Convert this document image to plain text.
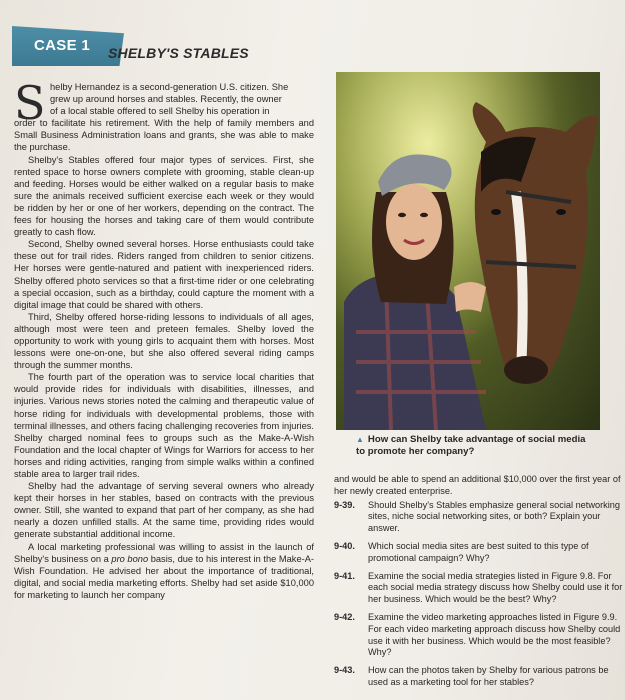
CASE 1 SHELBY'S STABLES
S helby Hernandez is a second-generation U.S. citizen. She
grew up around horses and stables. Recently, the owner
of a local stable offered to sell Shelby his operation in
order to facilitate his retirement. With the help of family members and Small Business Administration loans and grants, she was able to make the purchase.

Shelby's Stables offered four major types of services. First, she rented space to horse owners complete with grooming, stable clean-up and feeding. Horses would be either walked on a regular basis to make sure the animals received sufficient exercise each week or they would be ridden by her or one of her workers, depending on the contract. The fees for housing the horses and taking care of them would contribute greatly to cash flow.

Second, Shelby owned several horses. Horse enthusiasts could take these out for trail rides. Riders ranged from children to senior citizens. Her horses were gentle-natured and patient with inexperienced riders. Shelby offered photo services so that a first-time rider or one celebrating a special occasion, such as a birthday, could capture the moment with a digital image that could be shared with others.

Third, Shelby offered horse-riding lessons to individuals of all ages, although most were teen and preteen females. Shelby loved the opportunity to work with young girls to acquaint them with horses. Most lessons were one-on-one, but she also offered several riding camps through the summer months.

The fourth part of the operation was to service local charities that would provide rides for individuals with disabilities, illnesses, and injuries. Various news stories noted the calming and therapeutic value of horse riding for individuals with developmental problems, those with terminal illnesses, and others facing challenging recoveries from injuries. Shelby charged nominal fees to groups such as the Make-A-Wish Foundation and the local chapter of Wings for Warriors for access to her horses and riding activities, ranging from simple walks within a confined stable area to larger trail rides.

Shelby had the advantage of serving several owners who already kept their horses in her stables, based on contracts with the previous owner. Still, she wanted to expand that part of her company, as she had nearly a dozen unfilled stalls. At the same time, providing rides would generate substantial additional income.

A local marketing professional was willing to assist in the launch of Shelby's business on a pro bono basis, due to his interest in the Make-A-Wish Foundation. He advised her about the importance of traditional, digital, and social media marketing efforts. Shelby had set aside $10,000 for marketing to launch her company

▲ How can Shelby take advantage of social media to promote her company?

and would be able to spend an additional $10,000 over the first year of her newly created enterprise.

9-39. Should Shelby's Stables emphasize general social networking sites, niche social networking sites, or both? Explain your answer.
9-40. Which social media sites are best suited to this type of promotional campaign? Why?
9-41. Examine the social media strategies listed in Figure 9.8. For each social media strategy discuss how Shelby could use it for her business. Which would be the best? Why?
9-42. Examine the video marketing approaches listed in Figure 9.9. For each video marketing approach discuss how Shelby could use it with her business. Which would be the most feasible? Why?
9-43. How can the photos taken by Shelby for various patrons be used as a marketing tool for her stables?
